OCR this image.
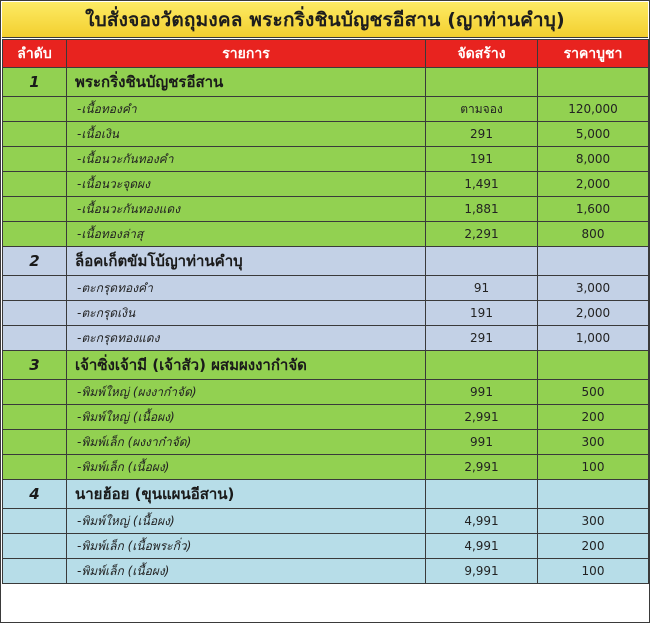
ใบสั่งจองวัตถุมงคล พระกริ่งชินบัญชรอีสาน (ญาท่านคำบุ)
ลำดับ	รายการ	จัดสร้าง	ราคาบูชา
1	พระกริ่งชินบัญชรอีสาน		
	-เนื้อทองคำ	ตามจอง	120,000
	-เนื้อเงิน	291	5,000
	-เนื้อนวะกันทองคำ	191	8,000
	-เนื้อนวะจุดผง	1,491	2,000
	-เนื้อนวะกันทองแดง	1,881	1,600
	-เนื้อทองล่าสุ	2,291	800
2	ล็อคเก็ตขัมโบ้ญาท่านคำบุ		
	-ตะกรุดทองคำ	91	3,000
	-ตะกรุดเงิน	191	2,000
	-ตะกรุดทองแดง	291	1,000
3	เจ้าซิ่งเจ้ามี (เจ้าสัว) ผสมผงงาก๋าจัด		
	-พิมพ์ใหญ่ (ผงงาก๋าจัด)	991	500
	-พิมพ์ใหญ่ (เนื้อผง)	2,991	200
	-พิมพ์เล็ก (ผงงาก๋าจัด)	991	300
	-พิมพ์เล็ก (เนื้อผง)	2,991	100
4	นายฮ้อย (ขุนแผนอีสาน)		
	-พิมพ์ใหญ่ (เนื้อผง)	4,991	300
	-พิมพ์เล็ก (เนื้อพระกิ่ว)	4,991	200
	-พิมพ์เล็ก (เนื้อผง)	9,991	100
